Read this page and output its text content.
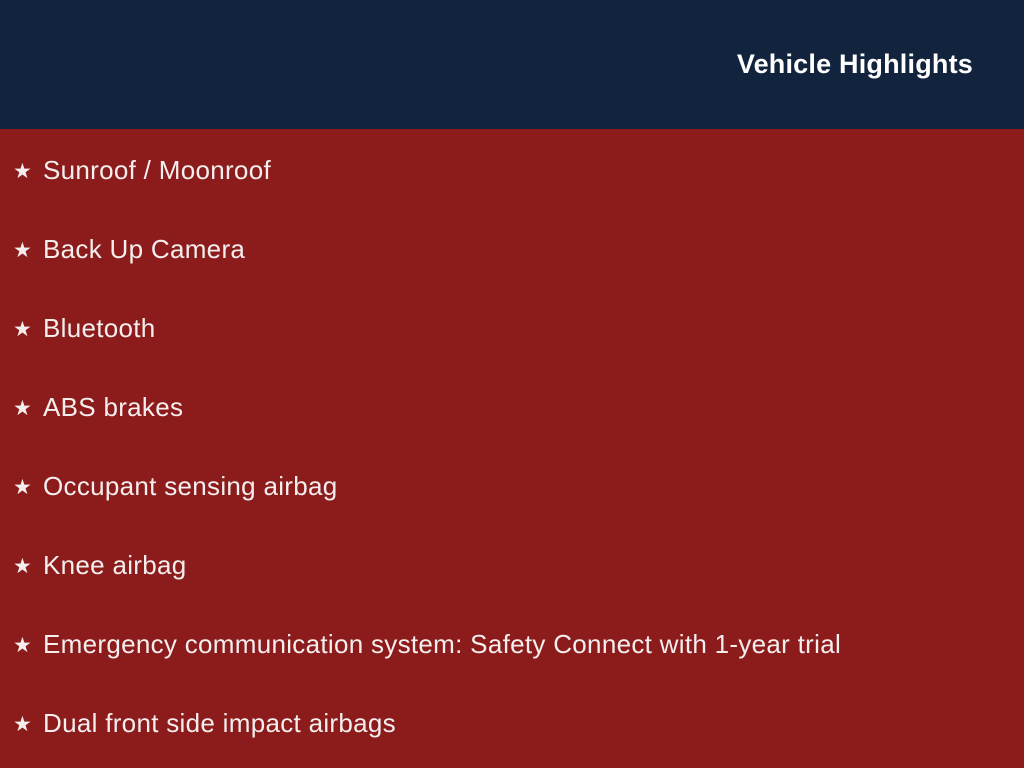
Vehicle Highlights
★ Sunroof / Moonroof
★ Back Up Camera
★ Bluetooth
★ ABS brakes
★ Occupant sensing airbag
★ Knee airbag
★ Emergency communication system: Safety Connect with 1-year trial
★ Dual front side impact airbags
